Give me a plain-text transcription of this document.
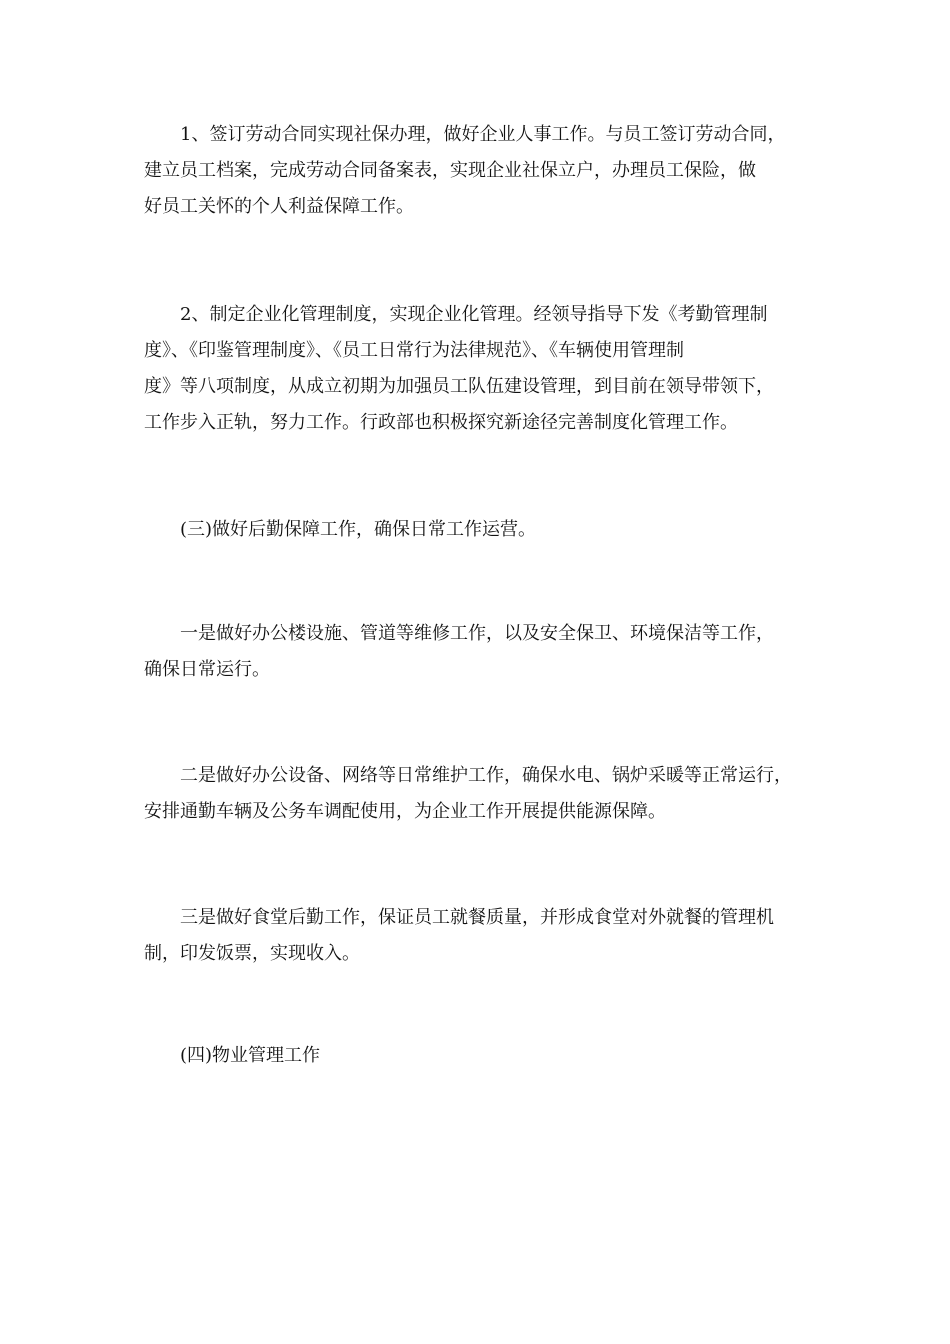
　　1、签订劳动合同实现社保办理，做好企业人事工作。与员工签订劳动合同，
建立员工档案，完成劳动合同备案表，实现企业社保立户，办理员工保险，做
好员工关怀的个人利益保障工作。

　　2、制定企业化管理制度，实现企业化管理。经领导指导下发《考勤管理制
度》、《印鉴管理制度》、《员工日常行为法律规范》、《车辆使用管理制
度》等八项制度，从成立初期为加强员工队伍建设管理，到目前在领导带领下，
工作步入正轨，努力工作。行政部也积极探究新途径完善制度化管理工作。

　　(三)做好后勤保障工作，确保日常工作运营。

　　一是做好办公楼设施、管道等维修工作，以及安全保卫、环境保洁等工作，
确保日常运行。

　　二是做好办公设备、网络等日常维护工作，确保水电、锅炉采暖等正常运行，
安排通勤车辆及公务车调配使用，为企业工作开展提供能源保障。

　　三是做好食堂后勤工作，保证员工就餐质量，并形成食堂对外就餐的管理机
制，印发饭票，实现收入。

　　(四)物业管理工作
